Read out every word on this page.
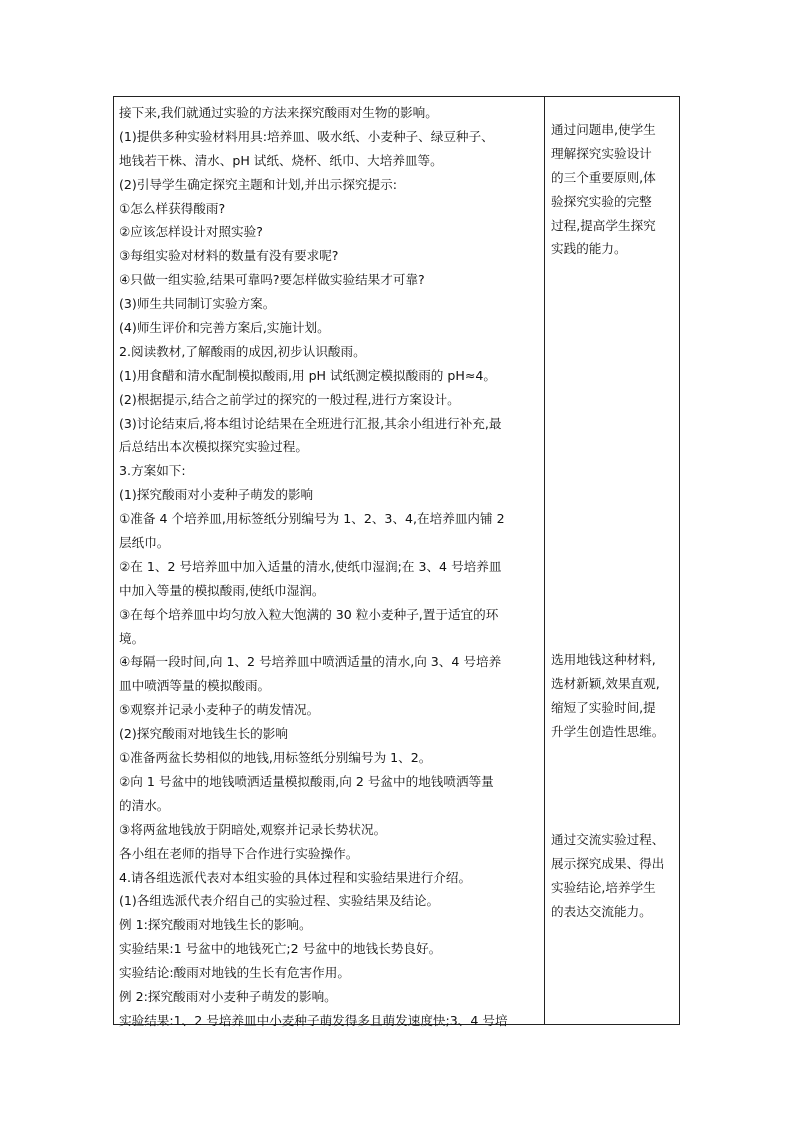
接下来,我们就通过实验的方法来探究酸雨对生物的影响。
(1)提供多种实验材料用具:培养皿、吸水纸、小麦种子、绿豆种子、
地钱若干株、清水、pH 试纸、烧杯、纸巾、大培养皿等。
(2)引导学生确定探究主题和计划,并出示探究提示:
①怎么样获得酸雨?
②应该怎样设计对照实验?
③每组实验对材料的数量有没有要求呢?
④只做一组实验,结果可靠吗?要怎样做实验结果才可靠?
(3)师生共同制订实验方案。
(4)师生评价和完善方案后,实施计划。
2.阅读教材,了解酸雨的成因,初步认识酸雨。
(1)用食醋和清水配制模拟酸雨,用 pH 试纸测定模拟酸雨的 pH≈4。
(2)根据提示,结合之前学过的探究的一般过程,进行方案设计。
(3)讨论结束后,将本组讨论结果在全班进行汇报,其余小组进行补充,最
后总结出本次模拟探究实验过程。
3.方案如下:
(1)探究酸雨对小麦种子萌发的影响
①准备 4 个培养皿,用标签纸分别编号为 1、2、3、4,在培养皿内铺 2
层纸巾。
②在 1、2 号培养皿中加入适量的清水,使纸巾湿润;在 3、4 号培养皿
中加入等量的模拟酸雨,使纸巾湿润。
③在每个培养皿中均匀放入粒大饱满的 30 粒小麦种子,置于适宜的环
境。
④每隔一段时间,向 1、2 号培养皿中喷洒适量的清水,向 3、4 号培养
皿中喷洒等量的模拟酸雨。
⑤观察并记录小麦种子的萌发情况。
(2)探究酸雨对地钱生长的影响
①准备两盆长势相似的地钱,用标签纸分别编号为 1、2。
②向 1 号盆中的地钱喷洒适量模拟酸雨,向 2 号盆中的地钱喷洒等量
的清水。
③将两盆地钱放于阴暗处,观察并记录长势状况。
各小组在老师的指导下合作进行实验操作。
4.请各组选派代表对本组实验的具体过程和实验结果进行介绍。
(1)各组选派代表介绍自己的实验过程、实验结果及结论。
例 1:探究酸雨对地钱生长的影响。
实验结果:1 号盆中的地钱死亡;2 号盆中的地钱长势良好。
实验结论:酸雨对地钱的生长有危害作用。
例 2:探究酸雨对小麦种子萌发的影响。
实验结果:1、2 号培养皿中小麦种子萌发得多且萌发速度快;3、4 号培
通过问题串,使学生
理解探究实验设计
的三个重要原则,体
验探究实验的完整
过程,提高学生探究
实践的能力。
选用地钱这种材料,
选材新颖,效果直观,
缩短了实验时间,提
升学生创造性思维。
通过交流实验过程、
展示探究成果、得出
实验结论,培养学生
的表达交流能力。
